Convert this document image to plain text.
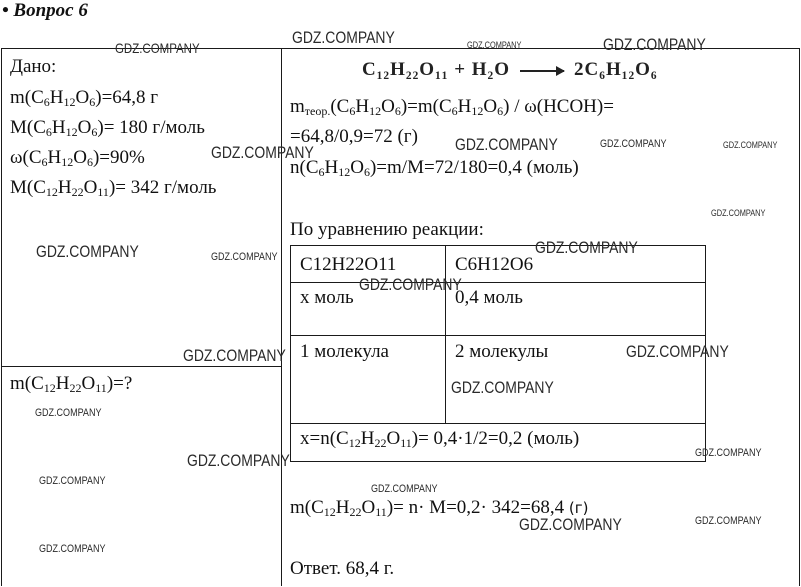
• Вопрос 6
Дано:
$m(C_6H_{12}O_6)=64,8$ г
$M(C_6H_{12}O_6)= 180$ г/моль
$\omega(C_6H_{12}O_6)=90\%$
$M(C_{12}H_{22}O_{11})= 342$ г/моль
$m(C_{12}H_{22}O_{11})=$?
C₁₂H₂₂O₁₁ + H₂O	2C₆H₁₂O₆
$m_{теор.}(C_6H_{12}O_6)=m(C_6H_{12}O_6)$ / ω(HCOH)=
=64,8/0,9=72 (г)
$n(C_6H_{12}O_6)=m/M=72/180=0,4$ (моль)
По уравнению реакции:
C12H22O11	C6H12O6
x моль	0,4 моль
1 молекула	2 молекулы
$x=n(C_{12}H_{22}O_{11})= 0,4\cdot 1/2=0,2$ (моль)
$m(C_{12}H_{22}O_{11})= n\cdot M=0,2\cdot 342=68,4$ (г)
Ответ. 68,4 г.
GDZ.COMPANY
GDZ.COMPANY	GDZ.COMPANY	GDZ.COMPANY
GDZ.COMPANY	GDZ.COMPANY	GDZ.COMPANY	GDZ.COMPANY
GDZ.COMPANY
GDZ.COMPANY	GDZ.COMPANY	GDZ.COMPANY
GDZ.COMPANY
GDZ.COMPANY	GDZ.COMPANY
GDZ.COMPANY
GDZ.COMPANY
GDZ.COMPANY
GDZ.COMPANY
GDZ.COMPANY
GDZ.COMPANY
GDZ.COMPANY
GDZ.COMPANY
GDZ.COMPANY
